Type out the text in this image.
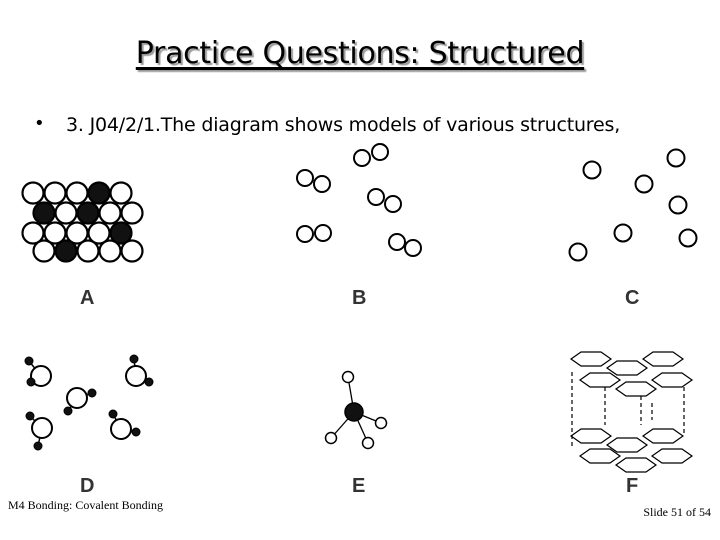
Practice Questions: Structured
• 3. J04/2/1.The diagram shows models of various structures,
A	B	C
D	E	F
M4 Bonding: Covalent Bonding	Slide 51 of 54
